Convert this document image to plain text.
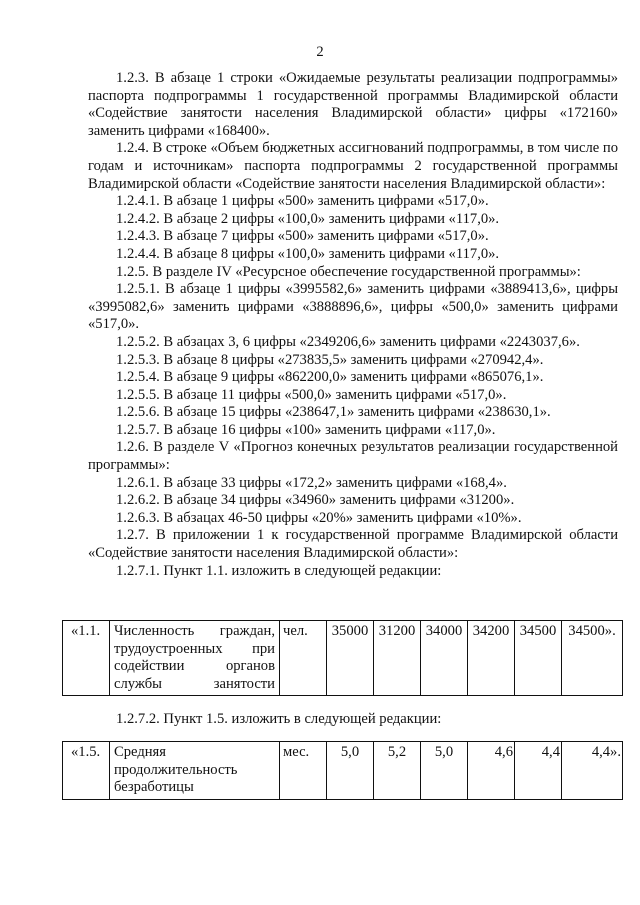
2

1.2.3. В абзаце 1 строки «Ожидаемые результаты реализации подпрограммы» паспорта подпрограммы 1 государственной программы Владимирской области «Содействие занятости населения Владимирской области» цифры «172160» заменить цифрами «168400».

1.2.4. В строке «Объем бюджетных ассигнований подпрограммы, в том числе по годам и источникам» паспорта подпрограммы 2 государственной программы Владимирской области «Содействие занятости населения Владимирской области»:

1.2.4.1. В абзаце 1 цифры «500» заменить цифрами «517,0».

1.2.4.2. В абзаце 2 цифры «100,0» заменить цифрами «117,0».

1.2.4.3. В абзаце 7 цифры «500» заменить цифрами «517,0».

1.2.4.4. В абзаце 8 цифры «100,0» заменить цифрами «117,0».

1.2.5. В разделе IV «Ресурсное обеспечение государственной программы»:

1.2.5.1. В абзаце 1 цифры «3995582,6» заменить цифрами «3889413,6», цифры «3995082,6» заменить цифрами «3888896,6», цифры «500,0» заменить цифрами «517,0».

1.2.5.2. В абзацах 3, 6 цифры «2349206,6» заменить цифрами «2243037,6».

1.2.5.3. В абзаце 8 цифры «273835,5» заменить цифрами «270942,4».

1.2.5.4. В абзаце 9 цифры «862200,0» заменить цифрами «865076,1».

1.2.5.5. В абзаце 11 цифры «500,0» заменить цифрами «517,0».

1.2.5.6. В абзаце 15 цифры «238647,1» заменить цифрами «238630,1».

1.2.5.7. В абзаце 16 цифры «100» заменить цифрами «117,0».

1.2.6. В разделе V «Прогноз конечных результатов реализации государственной программы»:

1.2.6.1. В абзаце 33 цифры «172,2» заменить цифрами «168,4».

1.2.6.2. В абзаце 34 цифры «34960» заменить цифрами «31200».

1.2.6.3. В абзацах 46-50 цифры «20%» заменить цифрами «10%».

1.2.7. В приложении 1 к государственной программе Владимирской области «Содействие занятости населения Владимирской области»:

1.2.7.1. Пункт 1.1. изложить в следующей редакции:

«1.1.	Численность граждан, трудоустроенных при содействии органов службы занятости	чел.	35000	31200	34000	34200	34500	34500».

1.2.7.2. Пункт 1.5. изложить в следующей редакции:

«1.5.	Средняя продолжительность безработицы	мес.	5,0	5,2	5,0	4,6	4,4	4,4».
